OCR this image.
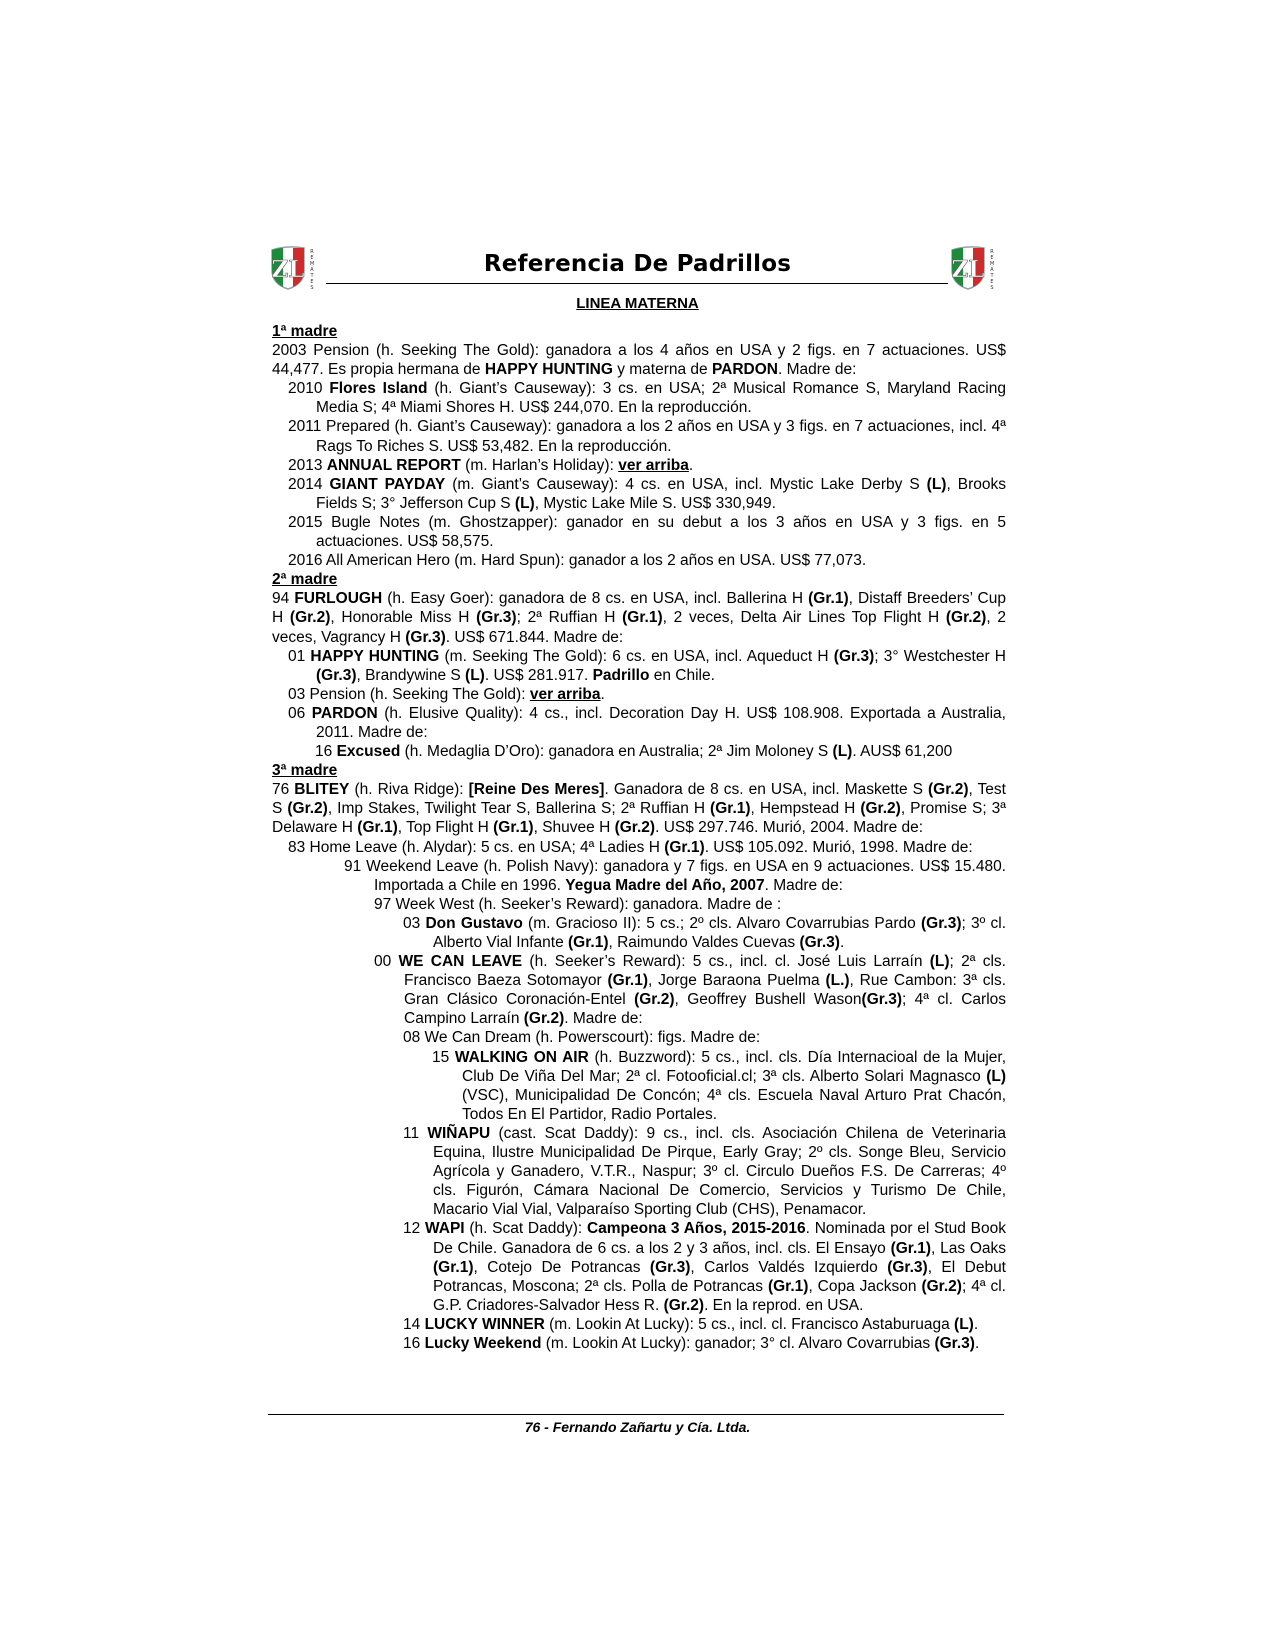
ZL
R
E
M
A
T
E
S
Referencia De Padrillos	ZL
R
E
M
A
T
E
S
LINEA MATERNA

1ª madre

2003 Pension (h. Seeking The Gold): ganadora a los 4 años en USA y 2 figs. en 7 actuaciones. US$ 44,477. Es propia hermana de HAPPY HUNTING y materna de PARDON. Madre de:

2010 Flores Island (h. Giant’s Causeway): 3 cs. en USA; 2ª Musical Romance S, Maryland Racing Media S; 4ª Miami Shores H. US$ 244,070. En la reproducción.

2011 Prepared (h. Giant’s Causeway): ganadora a los 2 años en USA y 3 figs. en 7 actuaciones, incl. 4ª Rags To Riches S. US$ 53,482. En la reproducción.

2013 ANNUAL REPORT (m. Harlan’s Holiday): ver arriba.

2014 GIANT PAYDAY (m. Giant’s Causeway): 4 cs. en USA, incl. Mystic Lake Derby S (L), Brooks Fields S; 3° Jefferson Cup S (L), Mystic Lake Mile S. US$ 330,949.

2015 Bugle Notes (m. Ghostzapper): ganador en su debut a los 3 años en USA y 3 figs. en 5 actuaciones. US$ 58,575.

2016 All American Hero (m. Hard Spun): ganador a los 2 años en USA. US$ 77,073.

2ª madre

94 FURLOUGH (h. Easy Goer): ganadora de 8 cs. en USA, incl. Ballerina H (Gr.1), Distaff Breeders’ Cup H (Gr.2), Honorable Miss H (Gr.3); 2ª Ruffian H (Gr.1), 2 veces, Delta Air Lines Top Flight H (Gr.2), 2 veces, Vagrancy H (Gr.3). US$ 671.844. Madre de:

01 HAPPY HUNTING (m. Seeking The Gold): 6 cs. en USA, incl. Aqueduct H (Gr.3); 3° Westchester H (Gr.3), Brandywine S (L). US$ 281.917. Padrillo en Chile.

03 Pension (h. Seeking The Gold): ver arriba.

06 PARDON (h. Elusive Quality): 4 cs., incl. Decoration Day H. US$ 108.908. Exportada a Australia, 2011. Madre de:

16 Excused (h. Medaglia D’Oro): ganadora en Australia; 2ª Jim Moloney S (L). AUS$ 61,200

3ª madre

76 BLITEY (h. Riva Ridge): [Reine Des Meres]. Ganadora de 8 cs. en USA, incl. Maskette S (Gr.2), Test S (Gr.2), Imp Stakes, Twilight Tear S, Ballerina S; 2ª Ruffian H (Gr.1), Hempstead H (Gr.2), Promise S; 3ª Delaware H (Gr.1), Top Flight H (Gr.1), Shuvee H (Gr.2). US$ 297.746. Murió, 2004. Madre de:

83 Home Leave (h. Alydar): 5 cs. en USA; 4ª Ladies H (Gr.1). US$ 105.092. Murió, 1998. Madre de:

91 Weekend Leave (h. Polish Navy): ganadora y 7 figs. en USA en 9 actuaciones. US$ 15.480. Importada a Chile en 1996. Yegua Madre del Año, 2007. Madre de:

97 Week West (h. Seeker’s Reward): ganadora. Madre de :

03 Don Gustavo (m. Gracioso II): 5 cs.; 2º cls. Alvaro Covarrubias Pardo (Gr.3); 3º cl. Alberto Vial Infante (Gr.1), Raimundo Valdes Cuevas (Gr.3).

00 WE CAN LEAVE (h. Seeker’s Reward): 5 cs., incl. cl. José Luis Larraín (L); 2ª cls. Francisco Baeza Sotomayor (Gr.1), Jorge Baraona Puelma (L.), Rue Cambon: 3ª cls. Gran Clásico Coronación-Entel (Gr.2), Geoffrey Bushell Wason(Gr.3); 4ª cl. Carlos Campino Larraín (Gr.2). Madre de:

08 We Can Dream (h. Powerscourt): figs. Madre de:

15 WALKING ON AIR (h. Buzzword): 5 cs., incl. cls. Día Internacioal de la Mujer, Club De Viña Del Mar; 2ª cl. Fotooficial.cl; 3ª cls. Alberto Solari Magnasco (L) (VSC), Municipalidad De Concón; 4ª cls. Escuela Naval Arturo Prat Chacón, Todos En El Partidor, Radio Portales.

11 WIÑAPU (cast. Scat Daddy): 9 cs., incl. cls. Asociación Chilena de Veterinaria Equina, Ilustre Municipalidad De Pirque, Early Gray; 2º cls. Songe Bleu, Servicio Agrícola y Ganadero, V.T.R., Naspur; 3º cl. Circulo Dueños F.S. De Carreras; 4º cls. Figurón, Cámara Nacional De Comercio, Servicios y Turismo De Chile, Macario Vial Vial, Valparaíso Sporting Club (CHS), Penamacor.

12 WAPI (h. Scat Daddy): Campeona 3 Años, 2015-2016. Nominada por el Stud Book De Chile. Ganadora de 6 cs. a los 2 y 3 años, incl. cls. El Ensayo (Gr.1), Las Oaks (Gr.1), Cotejo De Potrancas (Gr.3), Carlos Valdés Izquierdo (Gr.3), El Debut Potrancas, Moscona; 2ª cls. Polla de Potrancas (Gr.1), Copa Jackson (Gr.2); 4ª cl. G.P. Criadores-Salvador Hess R. (Gr.2). En la reprod. en USA.

14 LUCKY WINNER (m. Lookin At Lucky): 5 cs., incl. cl. Francisco Astaburuaga (L).

16 Lucky Weekend (m. Lookin At Lucky): ganador; 3° cl. Alvaro Covarrubias (Gr.3).

76 - Fernando Zañartu y Cía. Ltda.
